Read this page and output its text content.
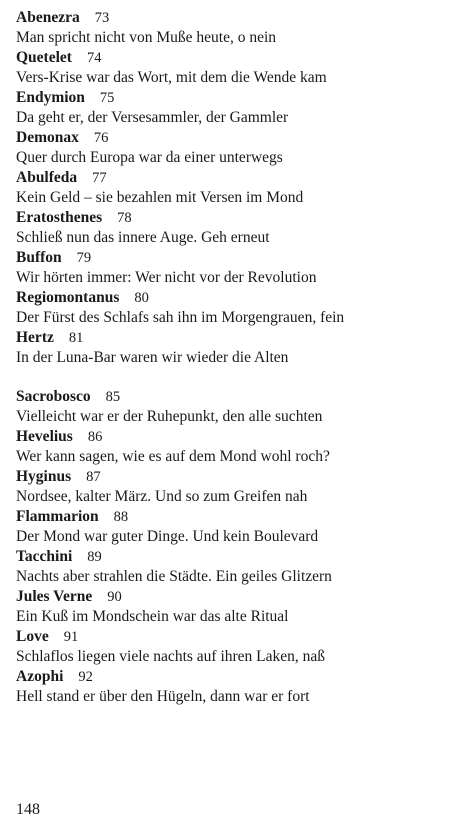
Abenezra 73
Man spricht nicht von Muße heute, o nein
Quetelet 74
Vers-Krise war das Wort, mit dem die Wende kam
Endymion 75
Da geht er, der Versesammler, der Gammler
Demonax 76
Quer durch Europa war da einer unterwegs
Abulfeda 77
Kein Geld – sie bezahlen mit Versen im Mond
Eratosthenes 78
Schließ nun das innere Auge. Geh erneut
Buffon 79
Wir hörten immer: Wer nicht vor der Revolution
Regiomontanus 80
Der Fürst des Schlafs sah ihn im Morgengrauen, fein
Hertz 81
In der Luna-Bar waren wir wieder die Alten
Sacrobosco 85
Vielleicht war er der Ruhepunkt, den alle suchten
Hevelius 86
Wer kann sagen, wie es auf dem Mond wohl roch?
Hyginus 87
Nordsee, kalter März. Und so zum Greifen nah
Flammarion 88
Der Mond war guter Dinge. Und kein Boulevard
Tacchini 89
Nachts aber strahlen die Städte. Ein geiles Glitzern
Jules Verne 90
Ein Kuß im Mondschein war das alte Ritual
Love 91
Schlaflos liegen viele nachts auf ihren Laken, naß
Azophi 92
Hell stand er über den Hügeln, dann war er fort
148
